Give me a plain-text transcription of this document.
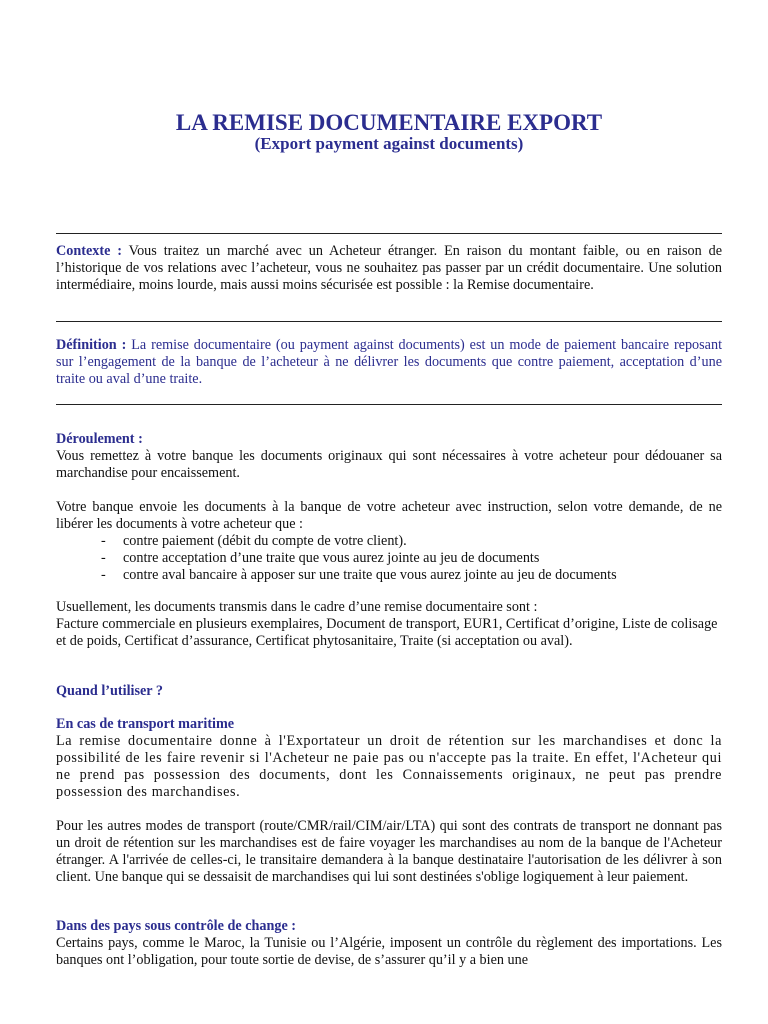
LA REMISE DOCUMENTAIRE EXPORT
(Export payment against documents)

Contexte : Vous traitez un marché avec un Acheteur étranger. En raison du montant faible, ou en raison de l’historique de vos relations avec l’acheteur, vous ne souhaitez pas passer par un crédit documentaire. Une solution intermédiaire, moins lourde, mais aussi moins sécurisée est possible : la Remise documentaire.

Définition : La remise documentaire (ou payment against documents) est un mode de paiement bancaire reposant sur l’engagement de la banque de l’acheteur à ne délivrer les documents que contre paiement, acceptation d’une traite ou aval d’une traite.

Déroulement :

Vous remettez à votre banque les documents originaux qui sont nécessaires à votre acheteur pour dédouaner sa marchandise pour encaissement.

Votre banque envoie les documents à la banque de votre acheteur avec instruction, selon votre demande, de ne libérer les documents à votre acheteur que :

- contre paiement (débit du compte de votre client).
- contre acceptation d’une traite que vous aurez jointe au jeu de documents
- contre aval bancaire à apposer sur une traite que vous aurez jointe au jeu de documents

Usuellement, les documents transmis dans le cadre d’une remise documentaire sont :

Facture commerciale en plusieurs exemplaires, Document de transport, EUR1, Certificat d’origine, Liste de colisage et de poids, Certificat d’assurance, Certificat phytosanitaire, Traite (si acceptation ou aval).

Quand l’utiliser ?

En cas de transport maritime

La remise documentaire donne à l'Exportateur un droit de rétention sur les marchandises et donc la possibilité de les faire revenir si l'Acheteur ne paie pas ou n'accepte pas la traite. En effet, l'Acheteur qui ne prend pas possession des documents, dont les Connaissements originaux, ne peut pas prendre possession des marchandises.

Pour les autres modes de transport (route/CMR/rail/CIM/air/LTA) qui sont des contrats de transport ne donnant pas un droit de rétention sur les marchandises est de faire voyager les marchandises au nom de la banque de l'Acheteur étranger. A l'arrivée de celles-ci, le transitaire demandera à la banque destinataire l'autorisation de les délivrer à son client. Une banque qui se dessaisit de marchandises qui lui sont destinées s'oblige logiquement à leur paiement.

Dans des pays sous contrôle de change :

Certains pays, comme le Maroc, la Tunisie ou l’Algérie, imposent un contrôle du règlement des importations. Les banques ont l’obligation, pour toute sortie de devise, de s’assurer qu’il y a bien une
